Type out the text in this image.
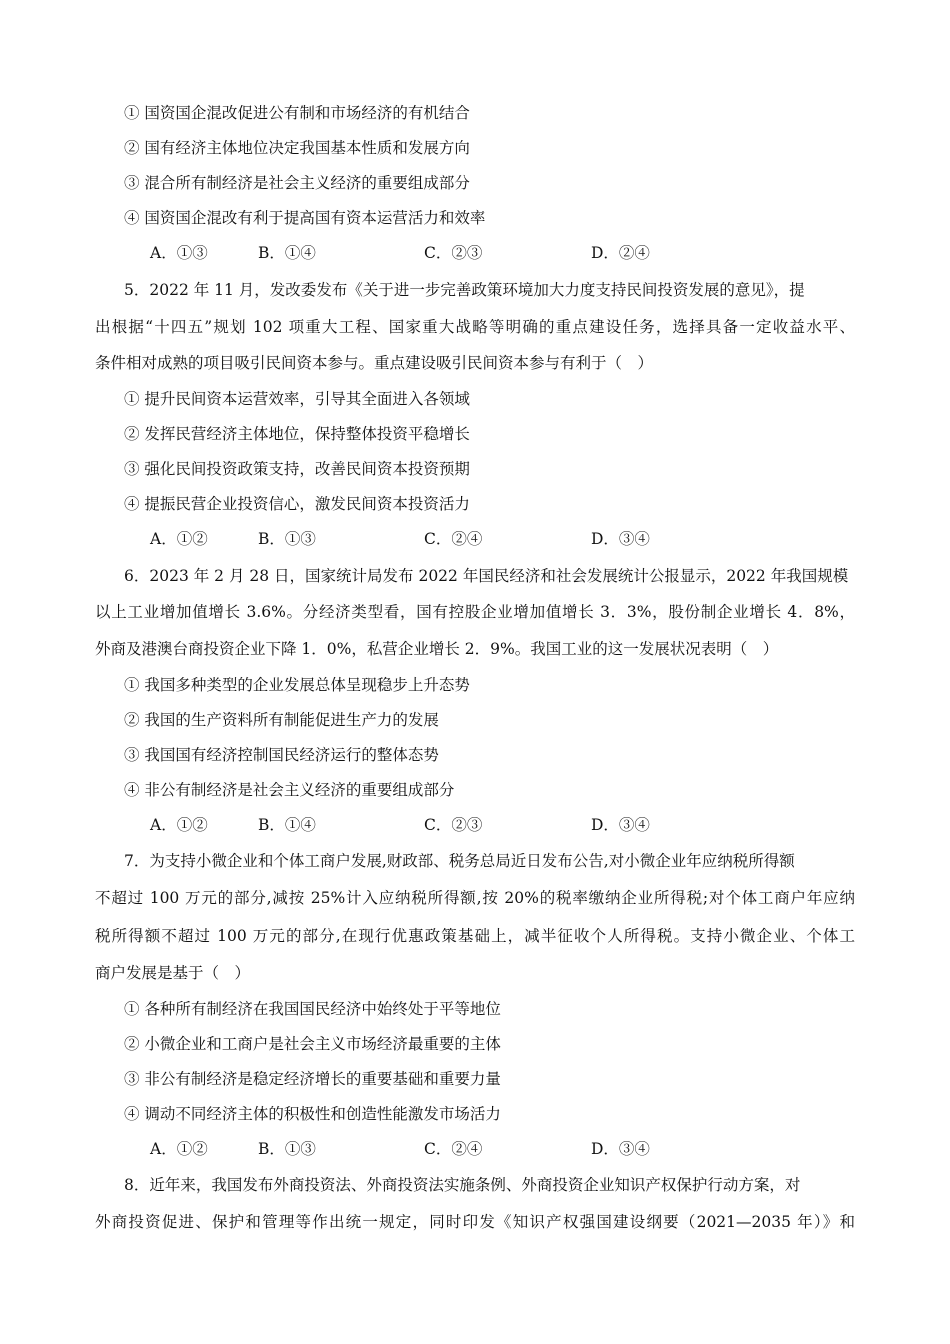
① 国资国企混改促进公有制和市场经济的有机结合
② 国有经济主体地位决定我国基本性质和发展方向
③ 混合所有制经济是社会主义经济的重要组成部分
④ 国资国企混改有利于提高国有资本运营活力和效率
A．①③	B．①④	C．②③	D．②④
5．2022 年 11 月，发改委发布《关于进一步完善政策环境加大力度支持民间投资发展的意见》，提
出根据“十四五”规划 102 项重大工程、国家重大战略等明确的重点建设任务，选择具备一定收益水平、
条件相对成熟的项目吸引民间资本参与。重点建设吸引民间资本参与有利于（　）
① 提升民间资本运营效率，引导其全面进入各领域
② 发挥民营经济主体地位，保持整体投资平稳增长
③ 强化民间投资政策支持，改善民间资本投资预期
④ 提振民营企业投资信心，激发民间资本投资活力
A．①②	B．①③	C．②④	D．③④
6．2023 年 2 月 28 日，国家统计局发布 2022 年国民经济和社会发展统计公报显示，2022 年我国规模
以上工业增加值增长 3.6%。分经济类型看，国有控股企业增加值增长 3．3%，股份制企业增长 4．8%，
外商及港澳台商投资企业下降 1．0%，私营企业增长 2．9%。我国工业的这一发展状况表明（　）
① 我国多种类型的企业发展总体呈现稳步上升态势
② 我国的生产资料所有制能促进生产力的发展
③ 我国国有经济控制国民经济运行的整体态势
④ 非公有制经济是社会主义经济的重要组成部分
A．①②	B．①④	C．②③	D．③④
7．为支持小微企业和个体工商户发展,财政部、税务总局近日发布公告,对小微企业年应纳税所得额
不超过 100 万元的部分,减按 25%计入应纳税所得额,按 20%的税率缴纳企业所得税;对个体工商户年应纳
税所得额不超过 100 万元的部分,在现行优惠政策基础上，减半征收个人所得税。支持小微企业、个体工
商户发展是基于（　）
① 各种所有制经济在我国国民经济中始终处于平等地位
② 小微企业和工商户是社会主义市场经济最重要的主体
③ 非公有制经济是稳定经济增长的重要基础和重要力量
④ 调动不同经济主体的积极性和创造性能激发市场活力
A．①②	B．①③	C．②④	D．③④
8．近年来，我国发布外商投资法、外商投资法实施条例、外商投资企业知识产权保护行动方案，对
外商投资促进、保护和管理等作出统一规定，同时印发《知识产权强国建设纲要（2021—2035 年）》和
